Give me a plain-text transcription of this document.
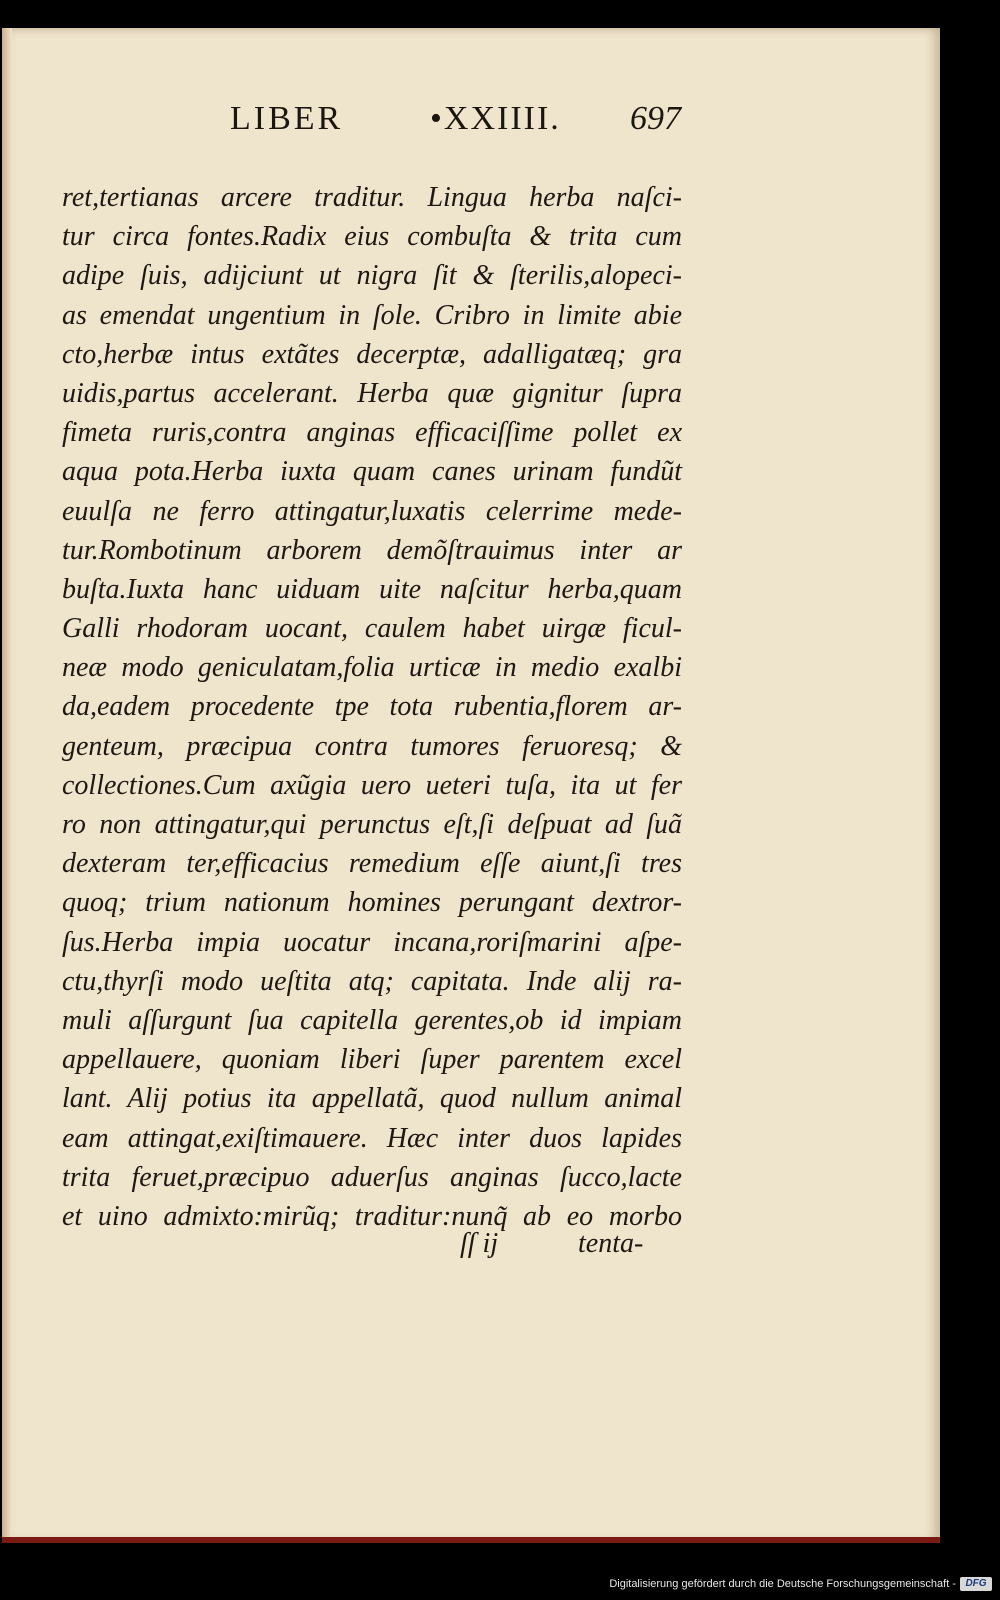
LIBER	•XXIIII. 697
ret,tertianas arcere traditur. Lingua herba naſci-
tur circa fontes.Radix eius combuſta & trita cum
adipe ſuis, adijciunt ut nigra ſit & ſterilis,alopeci-
as emendat ungentium in ſole. Cribro in limite abie
cto,herbæ intus extãtes decerptæ, adalligatæq; gra
uidis,partus accelerant. Herba quæ gignitur ſupra
fimeta ruris,contra anginas efficaciſſime pollet ex
aqua pota.Herba iuxta quam canes urinam fundũt
euulſa ne ferro attingatur,luxatis celerrime mede-
tur.Rombotinum arborem demõſtrauimus inter ar
buſta.Iuxta hanc uiduam uite naſcitur herba,quam
Galli rhodoram uocant, caulem habet uirgæ ficul-
neæ modo geniculatam,folia urticæ in medio exalbi
da,eadem procedente tpe tota rubentia,florem ar-
genteum, præcipua contra tumores feruoresq; &
collectiones.Cum axũgia uero ueteri tuſa, ita ut fer
ro non attingatur,qui perunctus eſt,ſi deſpuat ad ſuã
dexteram ter,efficacius remedium eſſe aiunt,ſi tres
quoq; trium nationum homines perungant dextror-
ſus.Herba impia uocatur incana,roriſmarini aſpe-
ctu,thyrſi modo ueſtita atq; capitata. Inde alij ra-
muli aſſurgunt ſua capitella gerentes,ob id impiam
appellauere, quoniam liberi ſuper parentem excel
lant. Alij potius ita appellatã, quod nullum animal
eam attingat,exiſtimauere. Hæc inter duos lapides
trita feruet,præcipuo aduerſus anginas ſucco,lacte
et uino admixto:mirũq; traditur:nunq̃ ab eo morbo
ſſ ij	tenta-
Digitalisierung gefördert durch die Deutsche Forschungsgemeinschaft - DFG
